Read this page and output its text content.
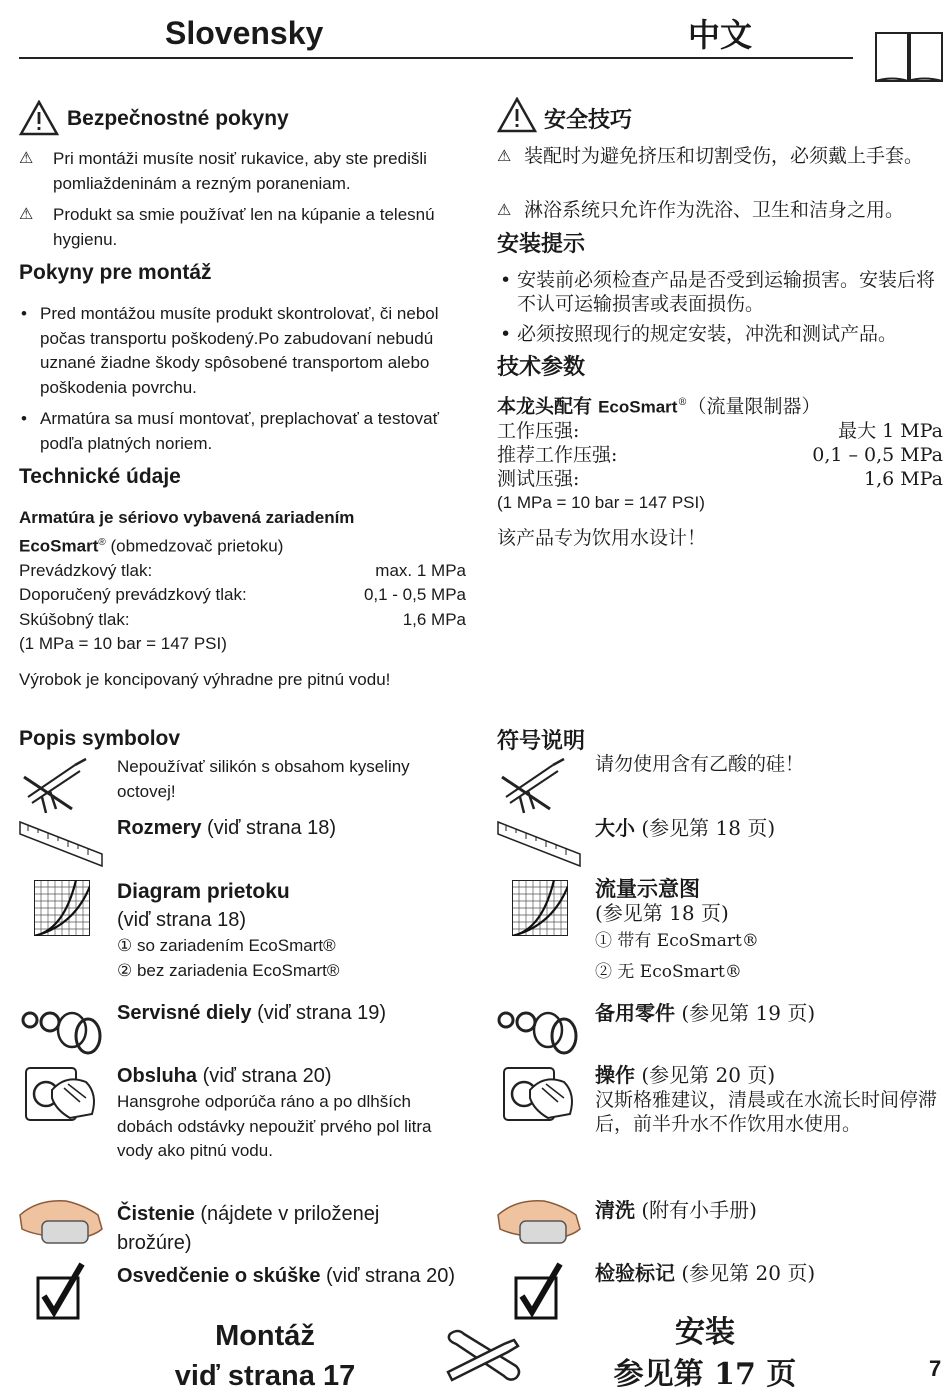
Slovensky	中文
Bezpečnostné pokyny
⚠ Pri montáži musíte nosiť rukavice, aby ste predišli pomliaždeninám a rezným poraneniam.
⚠ Produkt sa smie používať len na kúpanie a telesnú hygienu.
Pokyny pre montáž
• Pred montážou musíte produkt skontrolovať, či nebol počas transportu poškodený.Po zabudovaní nebudú uznané žiadne škody spôsobené transportom alebo poškodenia povrchu.
• Armatúra sa musí montovať, preplachovať a testovať podľa platných noriem.
Technické údaje
Armatúra je sériovo vybavená zariadením
EcoSmart® (obmedzovač prietoku)
Prevádzkový tlak:	max. 1 MPa
Doporučený prevádzkový tlak:	0,1 - 0,5 MPa
Skúšobný tlak:	1,6 MPa
(1 MPa = 10 bar = 147 PSI)
Výrobok je koncipovaný výhradne pre pitnú vodu!
Popis symbolov
Nepoužívať silikón s obsahom kyseliny octovej!
Rozmery (viď strana 18)
Diagram prietoku
(viď strana 18)
① so zariadením EcoSmart®
② bez zariadenia EcoSmart®
Servisné diely (viď strana 19)
Obsluha (viď strana 20)
Hansgrohe odporúča ráno a po dlhších dobách odstávky nepoužiť prvého pol litra vody ako pitnú vodu.
Čistenie (nájdete v priloženej brožúre)
Osvedčenie o skúške (viď strana 20)
Montáž
viď strana 17
安全技巧
⚠ 装配时为避免挤压和切割受伤，必须戴上手套。
⚠ 淋浴系统只允许作为洗浴、卫生和洁身之用。
安装提示
• 安装前必须检查产品是否受到运输损害。安装后将不认可运输损害或表面损伤。
• 必须按照现行的规定安装，冲洗和测试产品。
技术参数
本龙头配有 EcoSmart®（流量限制器）
工作压强:	最大 1 MPa
推荐工作压强:	0,1 – 0,5 MPa
测试压强:	1,6 MPa
(1 MPa = 10 bar = 147 PSI)
该产品专为饮用水设计！
符号说明
请勿使用含有乙酸的硅！
大小 (参见第 18 页)
流量示意图
(参见第 18 页)
① 带有 EcoSmart®
② 无 EcoSmart®
备用零件 (参见第 19 页)
操作 (参见第 20 页)
汉斯格雅建议，清晨或在水流长时间停滞后，前半升水不作饮用水使用。
清洗 (附有小手册)
检验标记 (参见第 20 页)
安装
参见第 17 页	7
